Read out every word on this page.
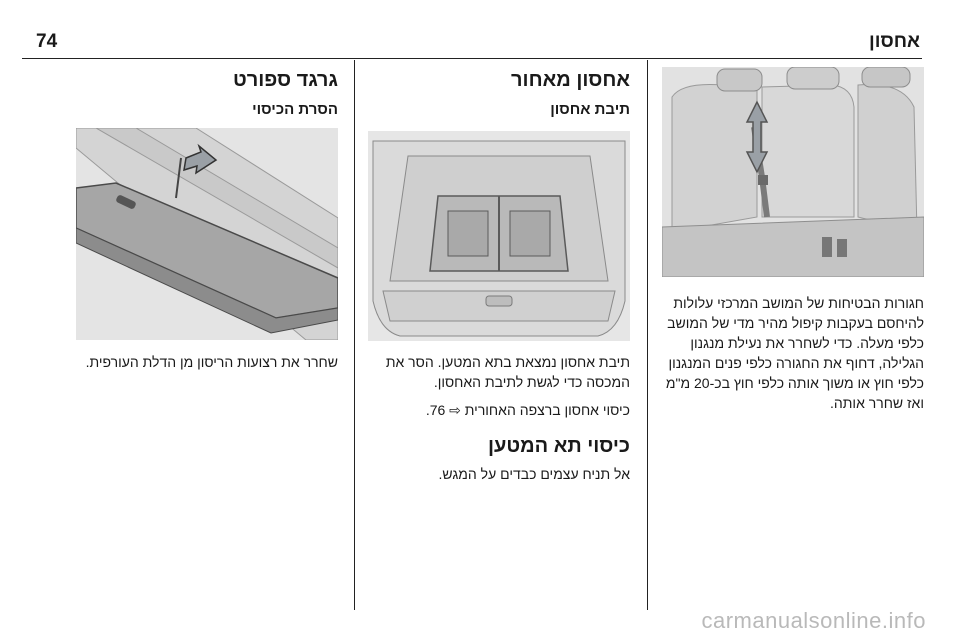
אחסון
74

חגורות הבטיחות של המושב המרכזי עלולות להיחסם בעקבות קיפול מהיר מדי של המושב כלפי מעלה. כדי לשחרר את נעילת מנגנון הגלילה, דחוף את החגורה כלפי פנים המנגנון כלפי חוץ או משוך אותה כלפי חוץ בכ-20 מ"מ ואז שחרר אותה.

אחסון מאחור
תיבת אחסון

תיבת אחסון נמצאת בתא המטען. הסר את המכסה כדי לגשת לתיבת האחסון.

כיסוי אחסון ברצפה האחורית ⇨ 76.

כיסוי תא המטען

אל תניח עצמים כבדים על המגש.

גרגד ספורט
הסרת הכיסוי

שחרר את רצועות הריסון מן הדלת העורפית.

carmanualsonline.info
